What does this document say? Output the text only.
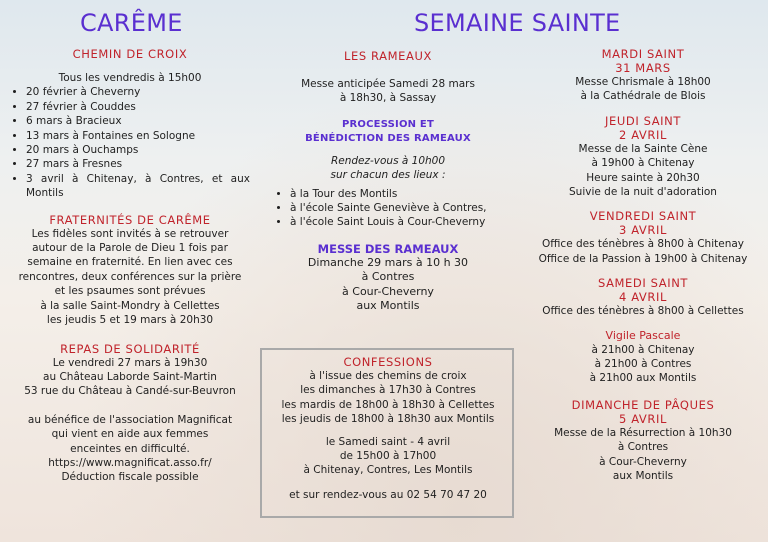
CARÊME	SEMAINE SAINTE
CHEMIN DE CROIX
Tous les vendredis à 15h00
• 20 février à Cheverny
• 27 février à Couddes
• 6 mars à Bracieux
• 13 mars à Fontaines en Sologne
• 20 mars à Ouchamps
• 27 mars à Fresnes
• 3 avril à Chitenay, à Contres, et aux Montils
FRATERNITÉS DE CARÊME
Les fidèles sont invités à se retrouver
autour de la Parole de Dieu 1 fois par
semaine en fraternité. En lien avec ces
rencontres, deux conférences sur la prière
et les psaumes sont prévues
à la salle Saint-Mondry à Cellettes
les jeudis 5 et 19 mars à 20h30
REPAS DE SOLIDARITÉ
Le vendredi 27 mars à 19h30
au Château Laborde Saint-Martin
53 rue du Château à Candé-sur-Beuvron
au bénéfice de l'association Magnificat
qui vient en aide aux femmes
enceintes en difficulté.
https://www.magnificat.asso.fr/
Déduction fiscale possible
LES RAMEAUX
Messe anticipée Samedi 28 mars
à 18h30, à Sassay
PROCESSION ET
BÉNÉDICTION DES RAMEAUX
Rendez-vous à 10h00
sur chacun des lieux :
• à la Tour des Montils
• à l'école Sainte Geneviève à Contres,
• à l'école Saint Louis à Cour-Cheverny
MESSE DES RAMEAUX
Dimanche 29 mars à 10 h 30
à Contres
à Cour-Cheverny
aux Montils
CONFESSIONS
à l'issue des chemins de croix
les dimanches à 17h30 à Contres
les mardis de 18h00 à 18h30 à Cellettes
les jeudis de 18h00 à 18h30 aux Montils
le Samedi saint - 4 avril
de 15h00 à 17h00
à Chitenay, Contres, Les Montils
et sur rendez-vous au 02 54 70 47 20
MARDI SAINT
31 MARS
Messe Chrismale à 18h00
à la Cathédrale de Blois
JEUDI SAINT
2 AVRIL
Messe de la Sainte Cène
à 19h00 à Chitenay
Heure sainte à 20h30
Suivie de la nuit d'adoration
VENDREDI SAINT
3 AVRIL
Office des ténèbres à 8h00 à Chitenay
Office de la Passion à 19h00 à Chitenay
SAMEDI SAINT
4 AVRIL
Office des ténèbres à 8h00 à Cellettes
Vigile Pascale
à 21h00 à Chitenay
à 21h00 à Contres
à 21h00 aux Montils
DIMANCHE DE PÂQUES
5 AVRIL
Messe de la Résurrection à 10h30
à Contres
à Cour-Cheverny
aux Montils
